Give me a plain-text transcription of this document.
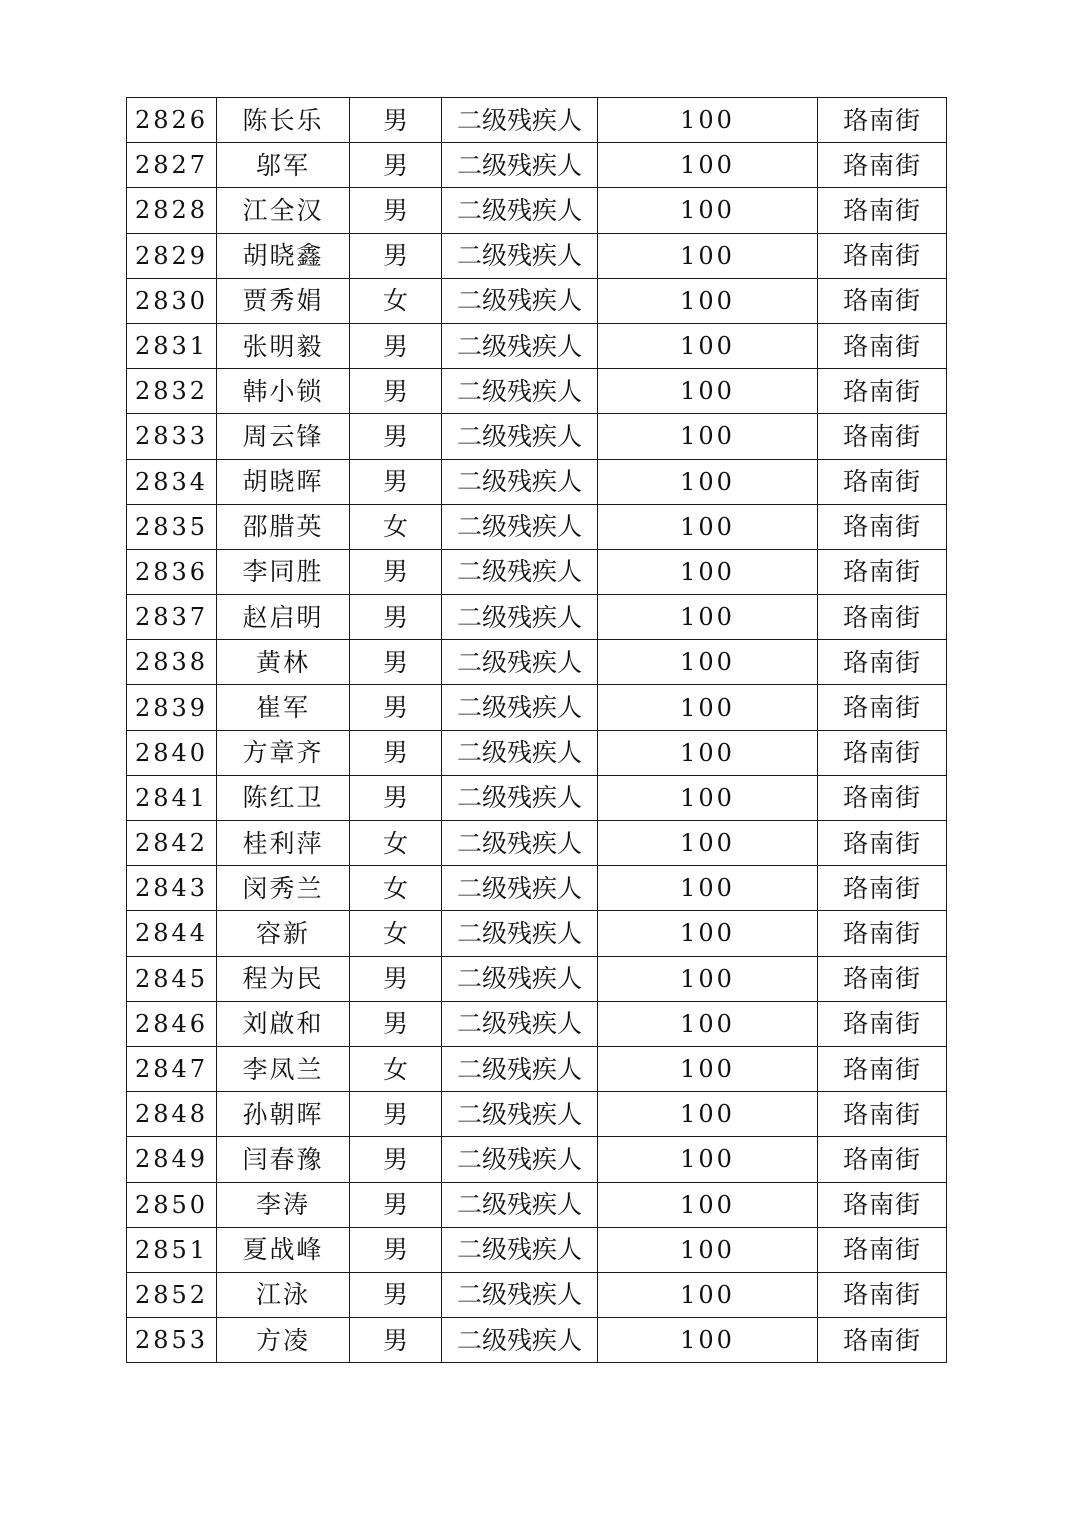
2826	陈长乐	男	二级残疾人	100	珞南街
2827	邬军	男	二级残疾人	100	珞南街
2828	江全汉	男	二级残疾人	100	珞南街
2829	胡晓鑫	男	二级残疾人	100	珞南街
2830	贾秀娟	女	二级残疾人	100	珞南街
2831	张明毅	男	二级残疾人	100	珞南街
2832	韩小锁	男	二级残疾人	100	珞南街
2833	周云锋	男	二级残疾人	100	珞南街
2834	胡晓晖	男	二级残疾人	100	珞南街
2835	邵腊英	女	二级残疾人	100	珞南街
2836	李同胜	男	二级残疾人	100	珞南街
2837	赵启明	男	二级残疾人	100	珞南街
2838	黄林	男	二级残疾人	100	珞南街
2839	崔军	男	二级残疾人	100	珞南街
2840	方章齐	男	二级残疾人	100	珞南街
2841	陈红卫	男	二级残疾人	100	珞南街
2842	桂利萍	女	二级残疾人	100	珞南街
2843	闵秀兰	女	二级残疾人	100	珞南街
2844	容新	女	二级残疾人	100	珞南街
2845	程为民	男	二级残疾人	100	珞南街
2846	刘啟和	男	二级残疾人	100	珞南街
2847	李凤兰	女	二级残疾人	100	珞南街
2848	孙朝晖	男	二级残疾人	100	珞南街
2849	闫春豫	男	二级残疾人	100	珞南街
2850	李涛	男	二级残疾人	100	珞南街
2851	夏战峰	男	二级残疾人	100	珞南街
2852	江泳	男	二级残疾人	100	珞南街
2853	方凌	男	二级残疾人	100	珞南街
